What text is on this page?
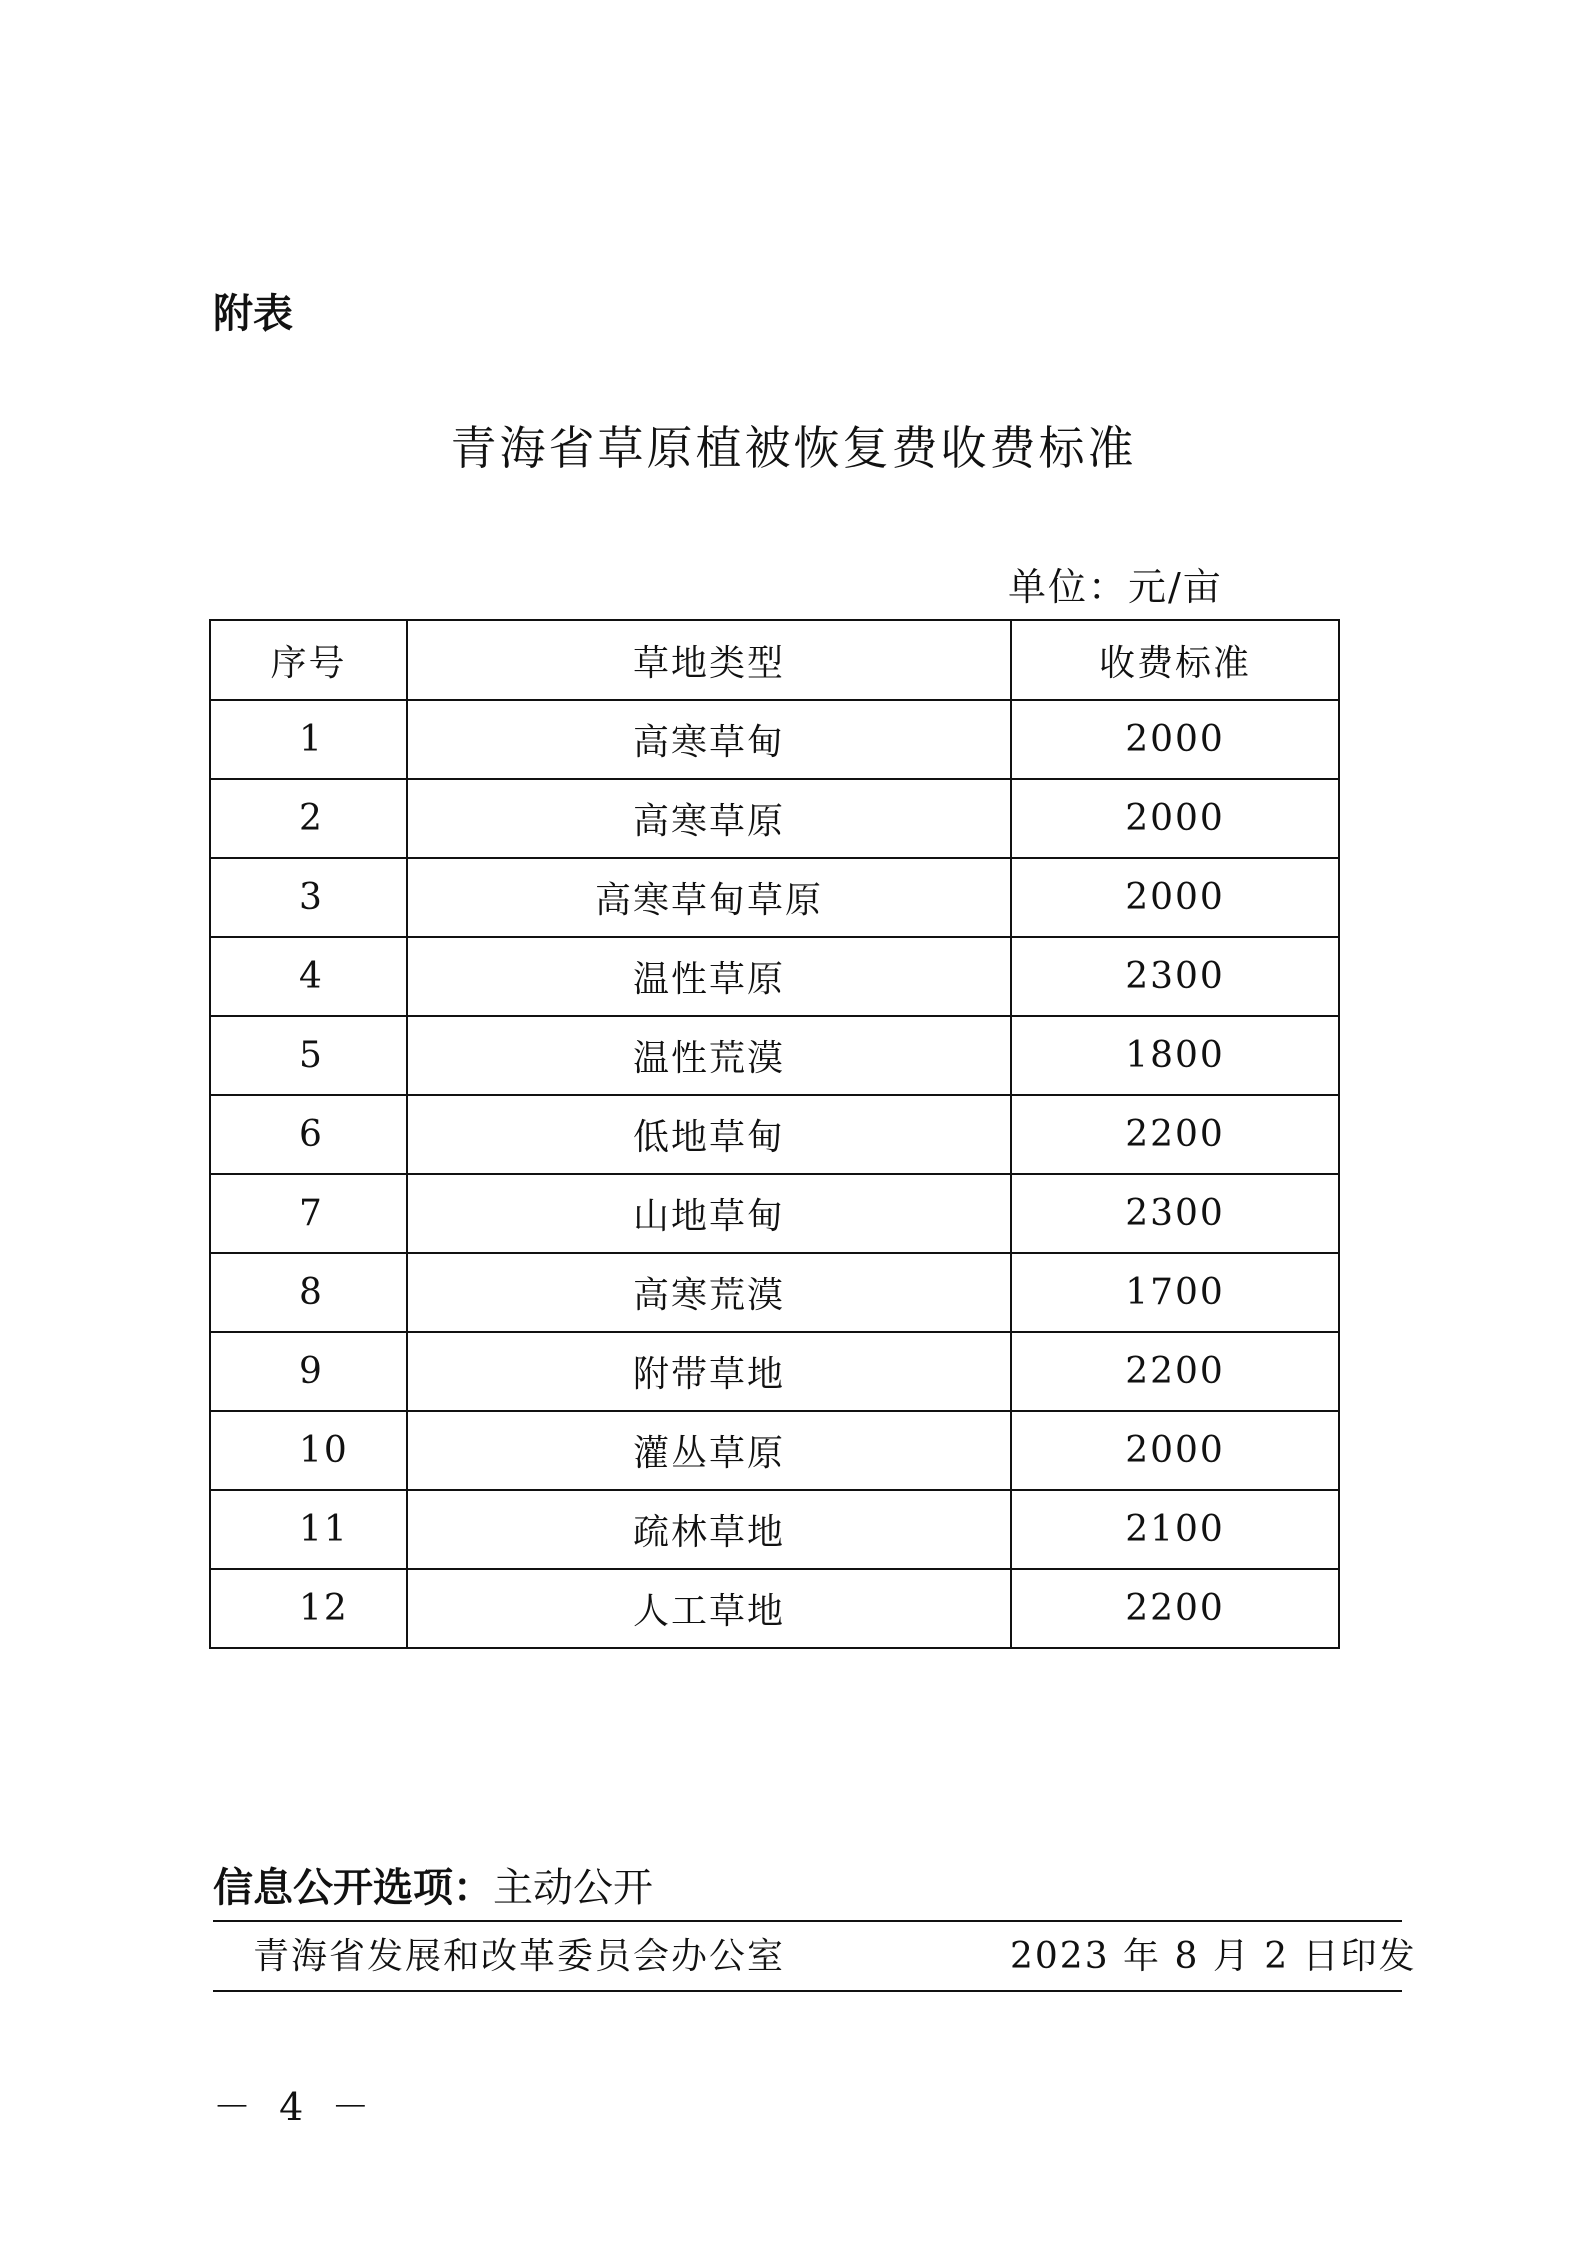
附表
青海省草原植被恢复费收费标准
单位：元/亩
序号	草地类型	收费标准
1	高寒草甸	2000
2	高寒草原	2000
3	高寒草甸草原	2000
4	温性草原	2300
5	温性荒漠	1800
6	低地草甸	2200
7	山地草甸	2300
8	高寒荒漠	1700
9	附带草地	2200
10	灌丛草原	2000
11	疏林草地	2100
12	人工草地	2200
信息公开选项：主动公开
青海省发展和改革委员会办公室	2023 年 8 月 2 日印发
－ 4 －
